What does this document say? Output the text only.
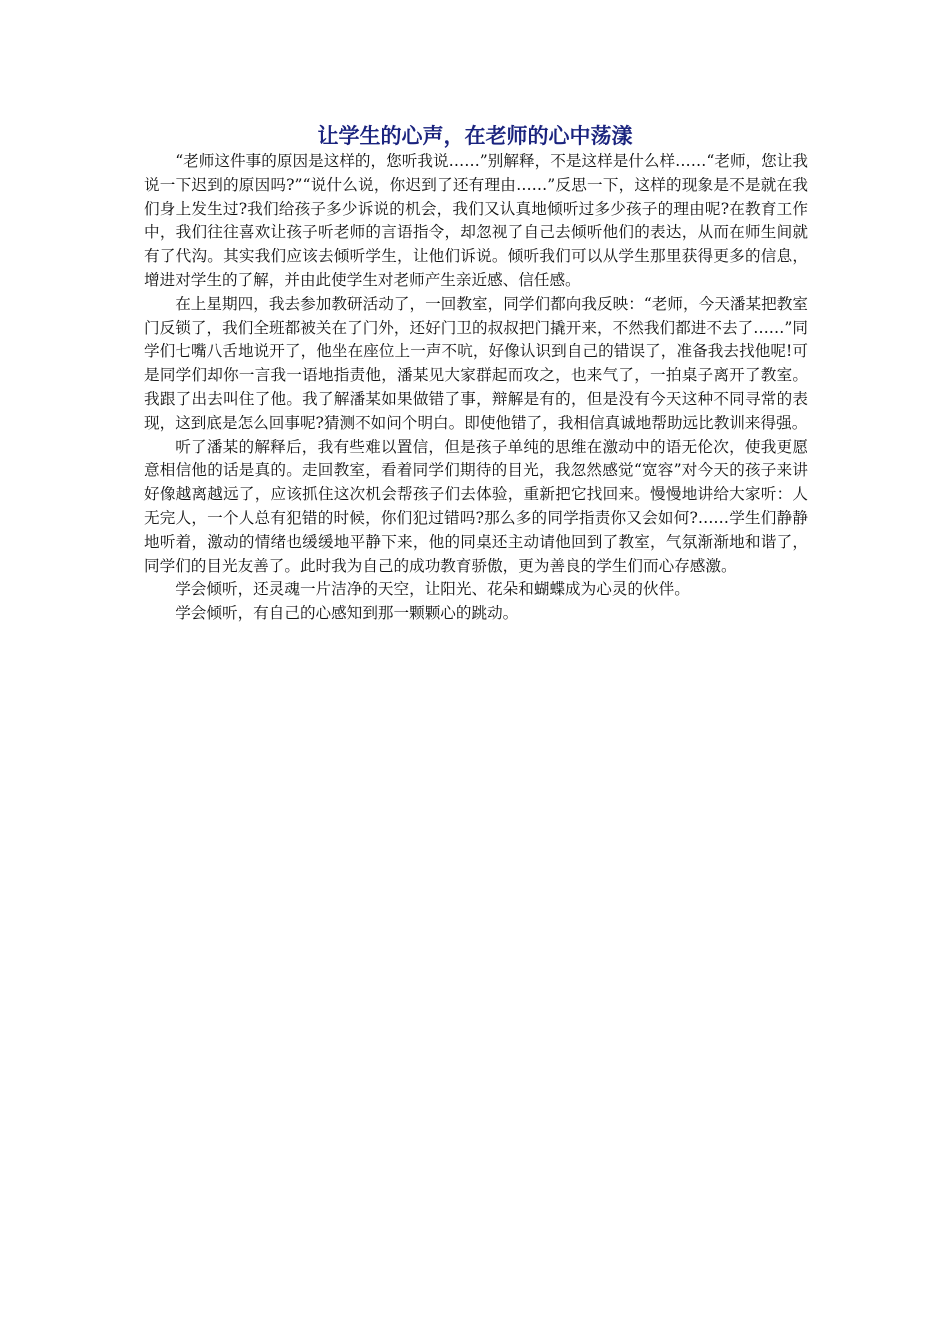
让学生的心声，在老师的心中荡漾

“老师这件事的原因是这样的，您听我说……”别解释，不是这样是什么样……“老师，您让我说一下迟到的原因吗?”“说什么说，你迟到了还有理由……”反思一下，这样的现象是不是就在我们身上发生过?我们给孩子多少诉说的机会，我们又认真地倾听过多少孩子的理由呢?在教育工作中，我们往往喜欢让孩子听老师的言语指令，却忽视了自己去倾听他们的表达，从而在师生间就有了代沟。其实我们应该去倾听学生，让他们诉说。倾听我们可以从学生那里获得更多的信息，增进对学生的了解，并由此使学生对老师产生亲近感、信任感。

在上星期四，我去参加教研活动了，一回教室，同学们都向我反映：“老师，今天潘某把教室门反锁了，我们全班都被关在了门外，还好门卫的叔叔把门撬开来，不然我们都进不去了……”同学们七嘴八舌地说开了，他坐在座位上一声不吭，好像认识到自己的错误了，准备我去找他呢!可是同学们却你一言我一语地指责他，潘某见大家群起而攻之，也来气了，一拍桌子离开了教室。我跟了出去叫住了他。我了解潘某如果做错了事，辩解是有的，但是没有今天这种不同寻常的表现，这到底是怎么回事呢?猜测不如问个明白。即使他错了，我相信真诚地帮助远比教训来得强。

听了潘某的解释后，我有些难以置信，但是孩子单纯的思维在激动中的语无伦次，使我更愿意相信他的话是真的。走回教室，看着同学们期待的目光，我忽然感觉“宽容”对今天的孩子来讲好像越离越远了，应该抓住这次机会帮孩子们去体验，重新把它找回来。慢慢地讲给大家听：人无完人，一个人总有犯错的时候，你们犯过错吗?那么多的同学指责你又会如何?……学生们静静地听着，激动的情绪也缓缓地平静下来，他的同桌还主动请他回到了教室，气氛渐渐地和谐了，同学们的目光友善了。此时我为自己的成功教育骄傲，更为善良的学生们而心存感激。

学会倾听，还灵魂一片洁净的天空，让阳光、花朵和蝴蝶成为心灵的伙伴。

学会倾听，有自己的心感知到那一颗颗心的跳动。
